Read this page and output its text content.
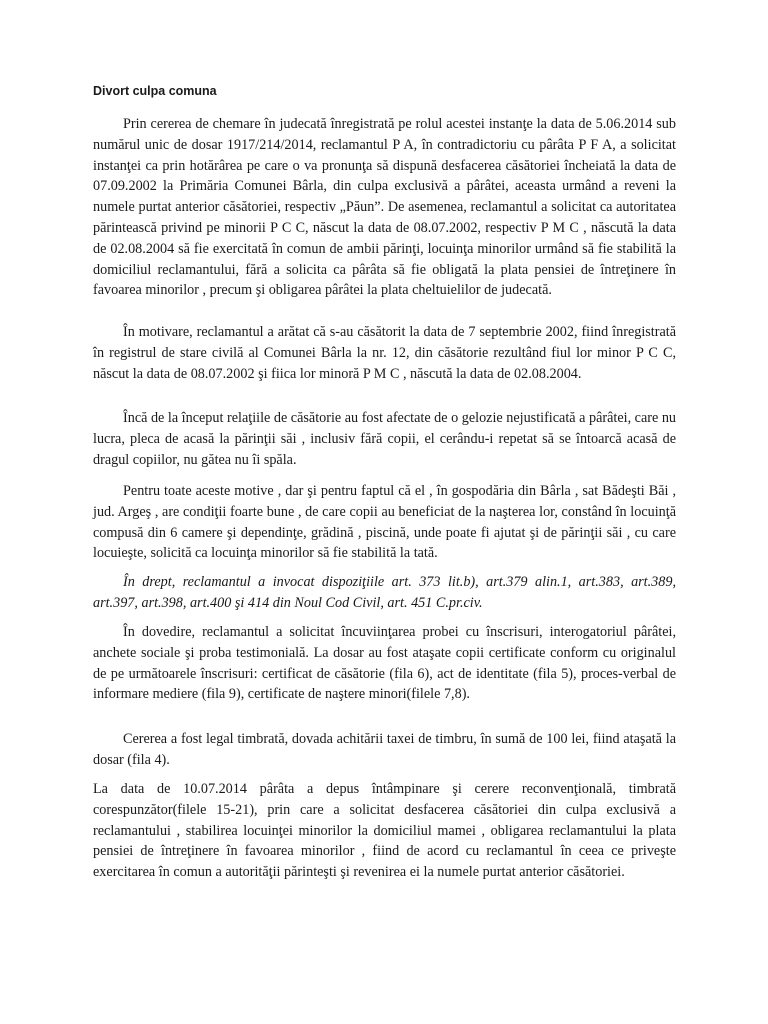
Divort culpa comuna

Prin cererea de chemare în judecată înregistrată pe rolul acestei instanţe la data de 5.06.2014 sub numărul unic de dosar 1917/214/2014, reclamantul P A, în contradictoriu cu pârâta P F A, a solicitat instanţei ca prin hotărârea pe care o va pronunţa să dispună desfacerea căsătoriei încheiată la data de 07.09.2002 la Primăria Comunei Bârla, din culpa exclusivă a pârâtei, aceasta urmând a reveni la numele purtat anterior căsătoriei, respectiv „Păun”. De asemenea, reclamantul a solicitat ca autoritatea părintească privind pe minorii P C C, născut la data de 08.07.2002, respectiv P M C , născută la data de 02.08.2004 să fie exercitată în comun de ambii părinţi, locuinţa minorilor urmând să fie stabilită la domiciliul reclamantului, fără a solicita ca pârâta să fie obligată la plata pensiei de întreţinere în favoarea minorilor , precum şi obligarea pârâtei la plata cheltuielilor de judecată.

În motivare, reclamantul a arătat că s-au căsătorit la data de 7 septembrie 2002, fiind înregistrată în registrul de stare civilă al Comunei Bârla la nr. 12, din căsătorie rezultând fiul lor minor P C C, născut la data de 08.07.2002 şi fiica lor minoră P M C , născută la data de 02.08.2004.

Încă de la început relaţiile de căsătorie au fost afectate de o gelozie nejustificată a pârâtei, care nu lucra, pleca de acasă la părinţii săi , inclusiv fără copii, el cerându-i repetat să se întoarcă acasă de dragul copiilor, nu gătea nu îi spăla.

Pentru toate aceste motive , dar şi pentru faptul că el , în gospodăria din Bârla , sat Bădeşti Băi , jud. Argeş , are condiţii foarte bune , de care copii au beneficiat de la naşterea lor, constând în locuinţă compusă din 6 camere şi dependinţe, grădină , piscină, unde poate fi ajutat şi de părinţii săi , cu care locuieşte, solicită ca locuinţa minorilor să fie stabilită la tată.

În drept, reclamantul a invocat dispoziţiile art. 373 lit.b), art.379 alin.1, art.383, art.389, art.397, art.398, art.400 şi 414 din Noul Cod Civil, art. 451 C.pr.civ.

În dovedire, reclamantul a solicitat încuviinţarea probei cu înscrisuri, interogatoriul pârâtei, anchete sociale şi proba testimonială. La dosar au fost ataşate copii certificate conform cu originalul de pe următoarele înscrisuri: certificat de căsătorie (fila 6), act de identitate (fila 5), proces-verbal de informare mediere (fila 9), certificate de naştere minori(filele 7,8).

Cererea a fost legal timbrată, dovada achitării taxei de timbru, în sumă de 100 lei, fiind ataşată la dosar (fila 4).

La data de 10.07.2014 pârâta a depus întâmpinare şi cerere reconvenţională, timbrată corespunzător(filele 15-21), prin care a solicitat desfacerea căsătoriei din culpa exclusivă a reclamantului , stabilirea locuinţei minorilor la domiciliul mamei , obligarea reclamantului la plata pensiei de întreţinere în favoarea minorilor , fiind de acord cu reclamantul în ceea ce priveşte exercitarea în comun a autorităţii părinteşti şi revenirea ei la numele purtat anterior căsătoriei.
